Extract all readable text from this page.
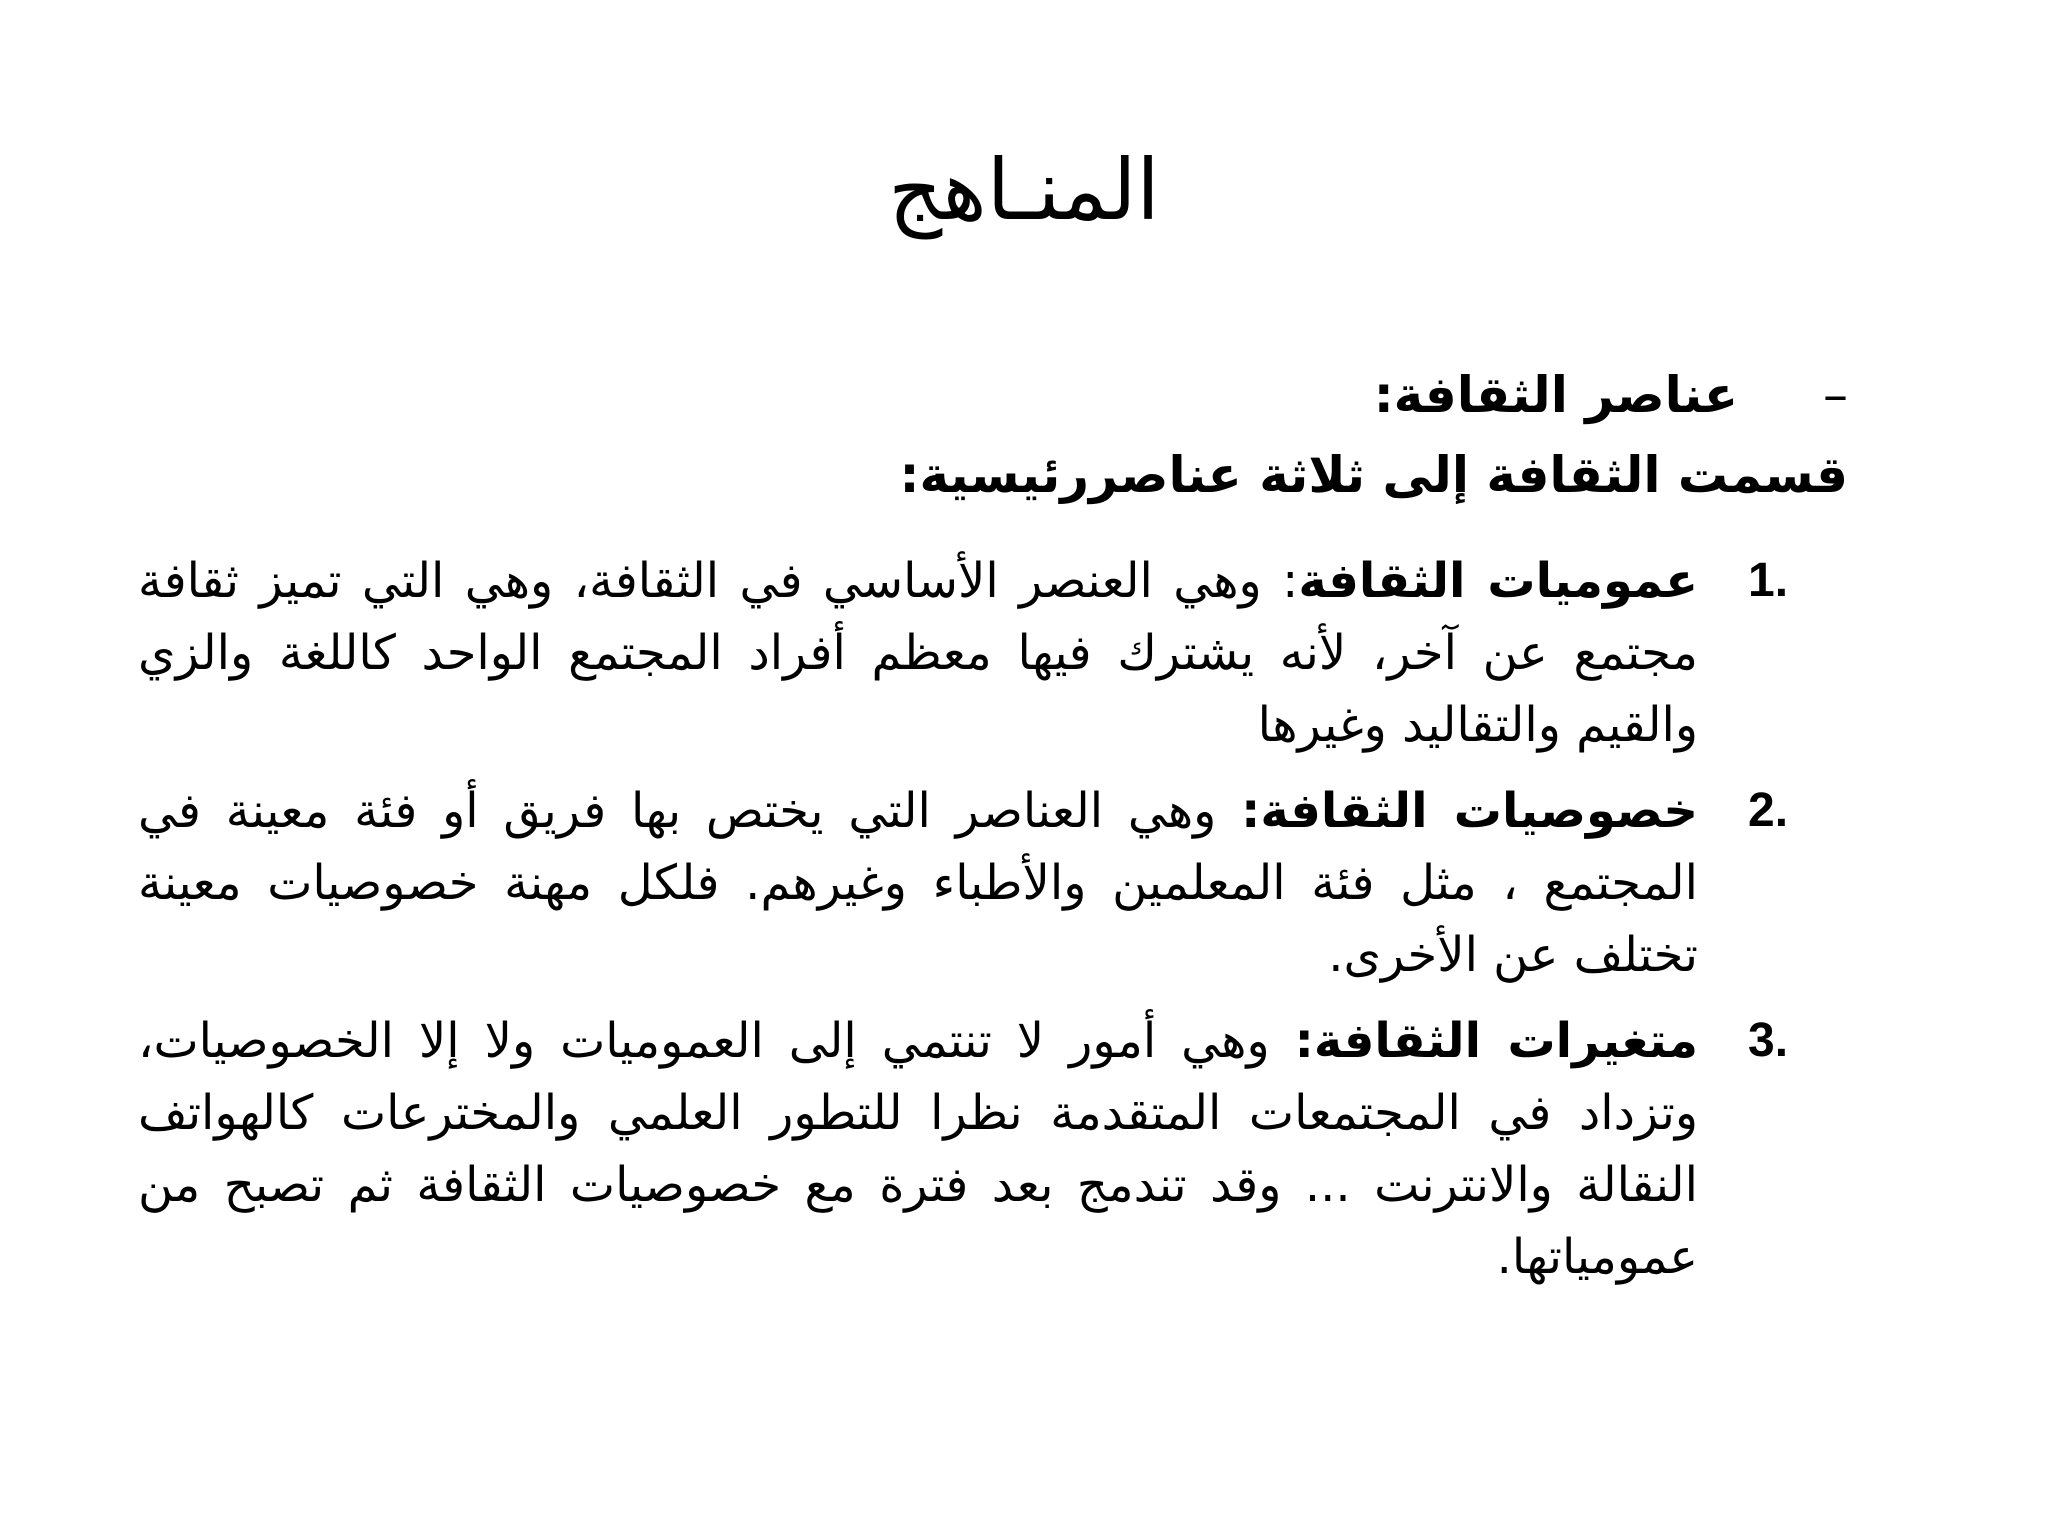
المنـاهج
–
عناصر الثقافة:
قسمت الثقافة إلى ثلاثة عناصررئيسية:
1.
عموميات الثقافة: وهي العنصر الأساسي في الثقافة، وهي التي تميز ثقافة مجتمع عن آخر، لأنه يشترك فيها معظم أفراد المجتمع الواحد كاللغة والزي والقيم والتقاليد وغيرها
2.
خصوصيات الثقافة: وهي العناصر التي يختص بها فريق أو فئة معينة في المجتمع ، مثل فئة المعلمين والأطباء وغيرهم. فلكل مهنة خصوصيات معينة تختلف عن الأخرى.
3.
متغيرات الثقافة: وهي أمور لا تنتمي إلى العموميات ولا إلا الخصوصيات، وتزداد في المجتمعات المتقدمة نظرا للتطور العلمي والمخترعات كالهواتف النقالة والانترنت ... وقد تندمج بعد فترة مع خصوصيات الثقافة ثم تصبح من عمومياتها.
